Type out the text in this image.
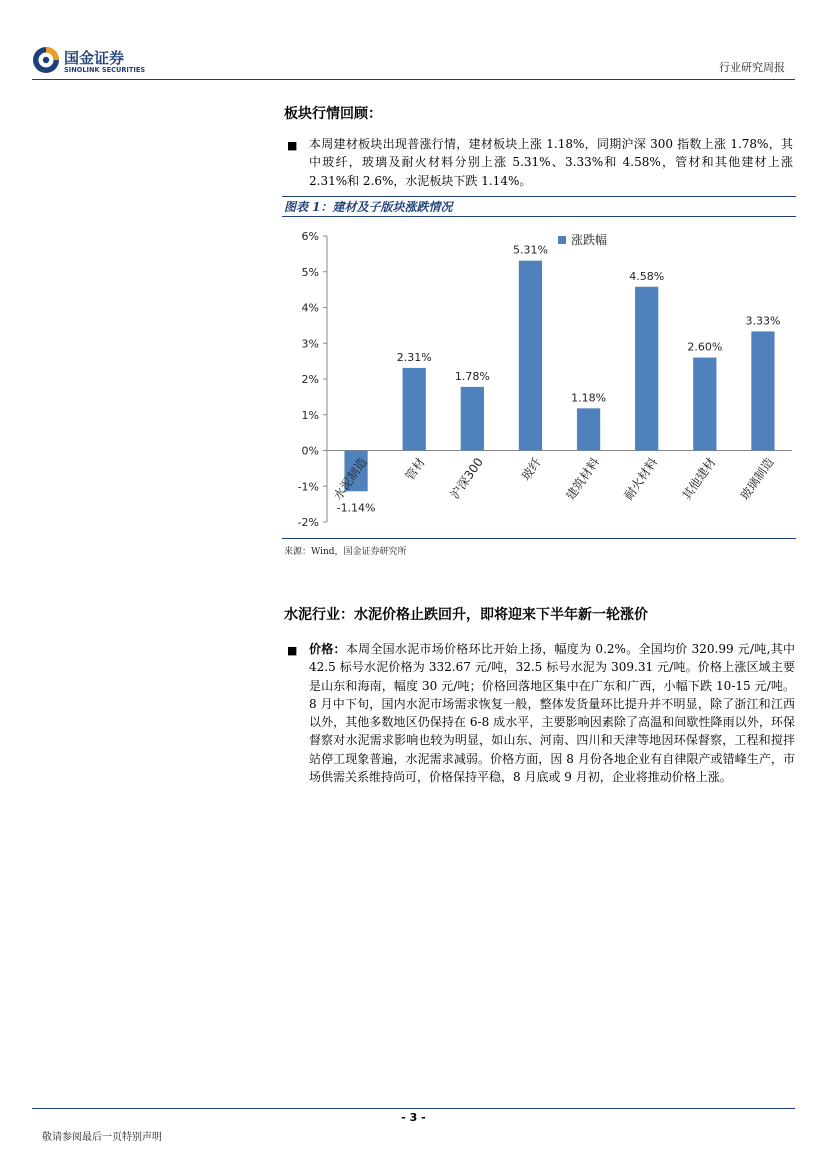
国金证券
SINOLINK SECURITIES	行业研究周报
板块行情回顾：
■ 本周建材板块出现普涨行情，建材板块上涨 1.18%，同期沪深 300 指数上涨 1.78%，其中玻纤，玻璃及耐火材料分别上涨 5.31%、3.33%和 4.58%，管材和其他建材上涨 2.31%和 2.6%，水泥板块下跌 1.14%。
图表 1：建材及子版块涨跌情况
-2%
-1%
0%
1%
2%
3%
4%
5%
6%
-1.14%
水泥制造
2.31%
管材
1.78%
沪深300
5.31%
玻纤
1.18%
建筑材料
4.58%
耐火材料
2.60%
其他建材
3.33%
玻璃制造
涨跌幅
来源：Wind，国金证券研究所
水泥行业：水泥价格止跌回升，即将迎来下半年新一轮涨价
■ 价格：本周全国水泥市场价格环比开始上扬，幅度为 0.2%。全国均价 320.99 元/吨,其中 42.5 标号水泥价格为 332.67 元/吨，32.5 标号水泥为 309.31 元/吨。价格上涨区域主要是山东和海南，幅度 30 元/吨；价格回落地区集中在广东和广西，小幅下跌 10-15 元/吨。8 月中下旬，国内水泥市场需求恢复一般，整体发货量环比提升并不明显，除了浙江和江西以外，其他多数地区仍保持在 6-8 成水平，主要影响因素除了高温和间歇性降雨以外，环保督察对水泥需求影响也较为明显，如山东、河南、四川和天津等地因环保督察，工程和搅拌站停工现象普遍，水泥需求减弱。价格方面，因 8 月份各地企业有自律限产或错峰生产，市场供需关系维持尚可，价格保持平稳，8 月底或 9 月初，企业将推动价格上涨。
- 3 -
敬请参阅最后一页特别声明
